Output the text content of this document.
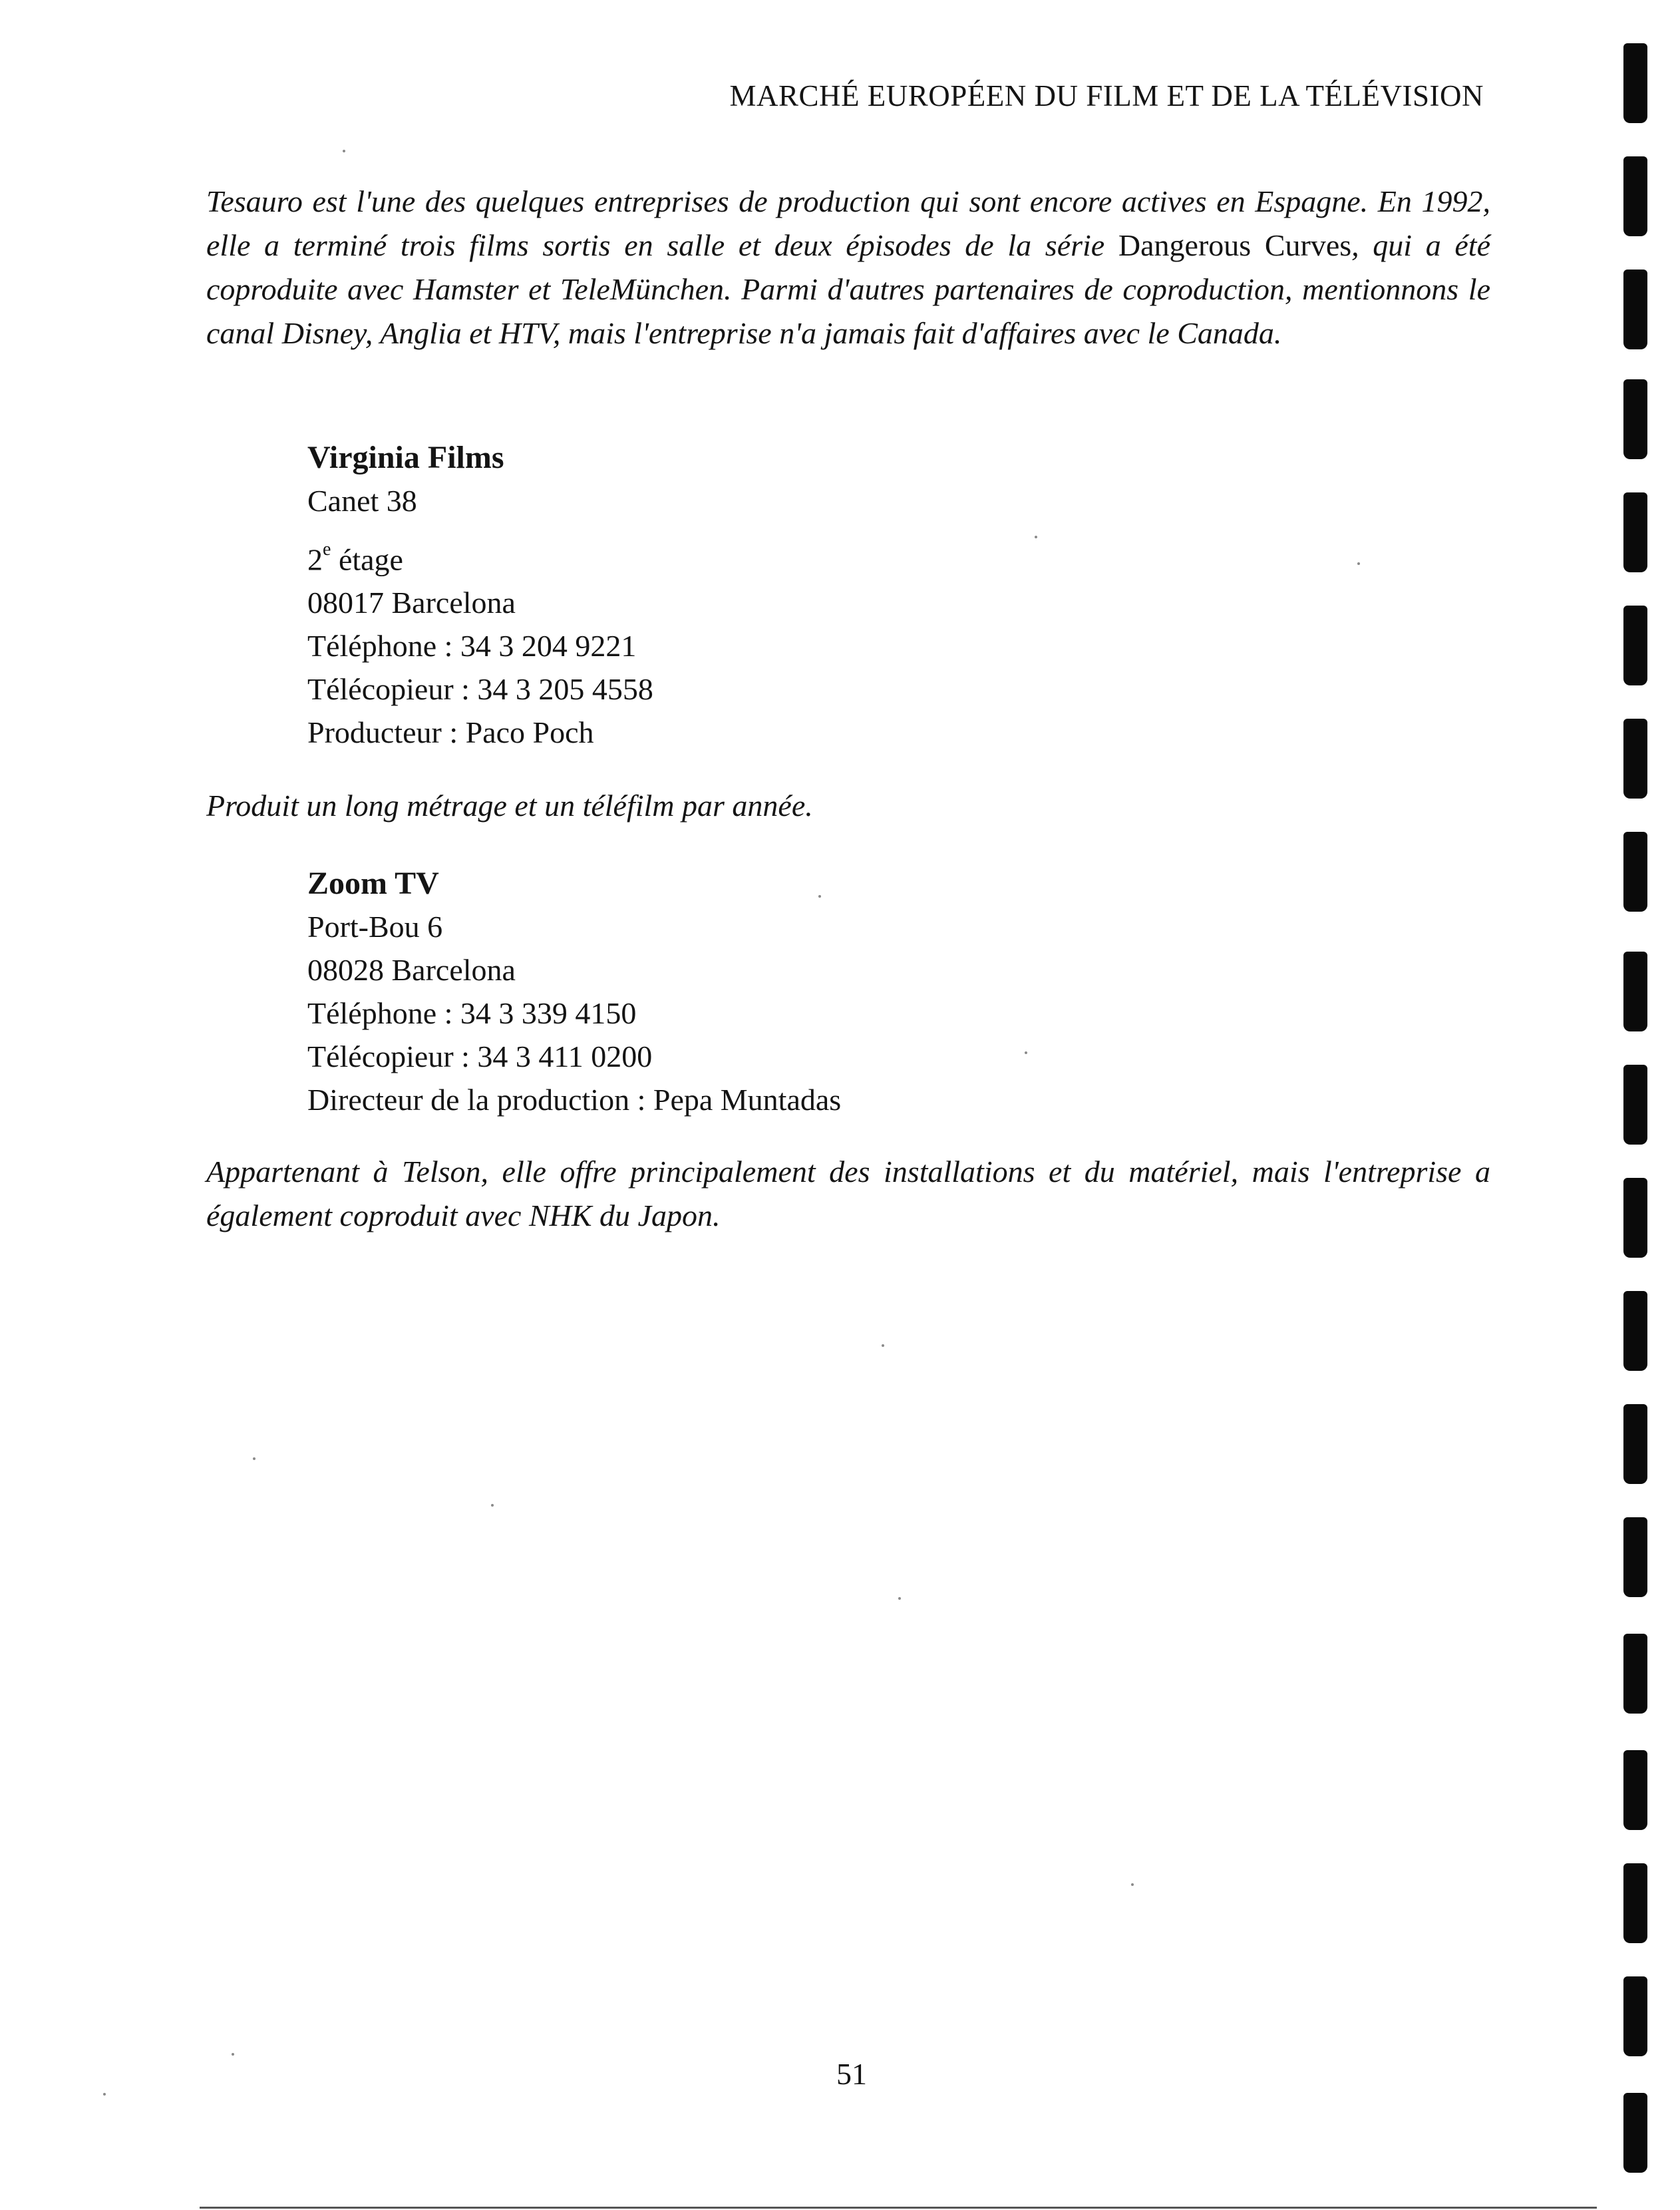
MARCHÉ EUROPÉEN DU FILM ET DE LA TÉLÉVISION
Tesauro est l'une des quelques entreprises de production qui sont encore actives en Espagne. En 1992, elle a terminé trois films sortis en salle et deux épisodes de la série Dangerous Curves, qui a été coproduite avec Hamster et TeleMünchen. Parmi d'autres partenaires de coproduction, mentionnons le canal Disney, Anglia et HTV, mais l'entreprise n'a jamais fait d'affaires avec le Canada.
Virginia Films
Canet 38
2e étage
08017 Barcelona
Téléphone : 34 3 204 9221
Télécopieur : 34 3 205 4558
Producteur : Paco Poch
Produit un long métrage et un téléfilm par année.
Zoom TV
Port-Bou 6
08028 Barcelona
Téléphone : 34 3 339 4150
Télécopieur : 34 3 411 0200
Directeur de la production : Pepa Muntadas
Appartenant à Telson, elle offre principalement des installations et du matériel, mais l'entreprise a également coproduit avec NHK du Japon.
51
